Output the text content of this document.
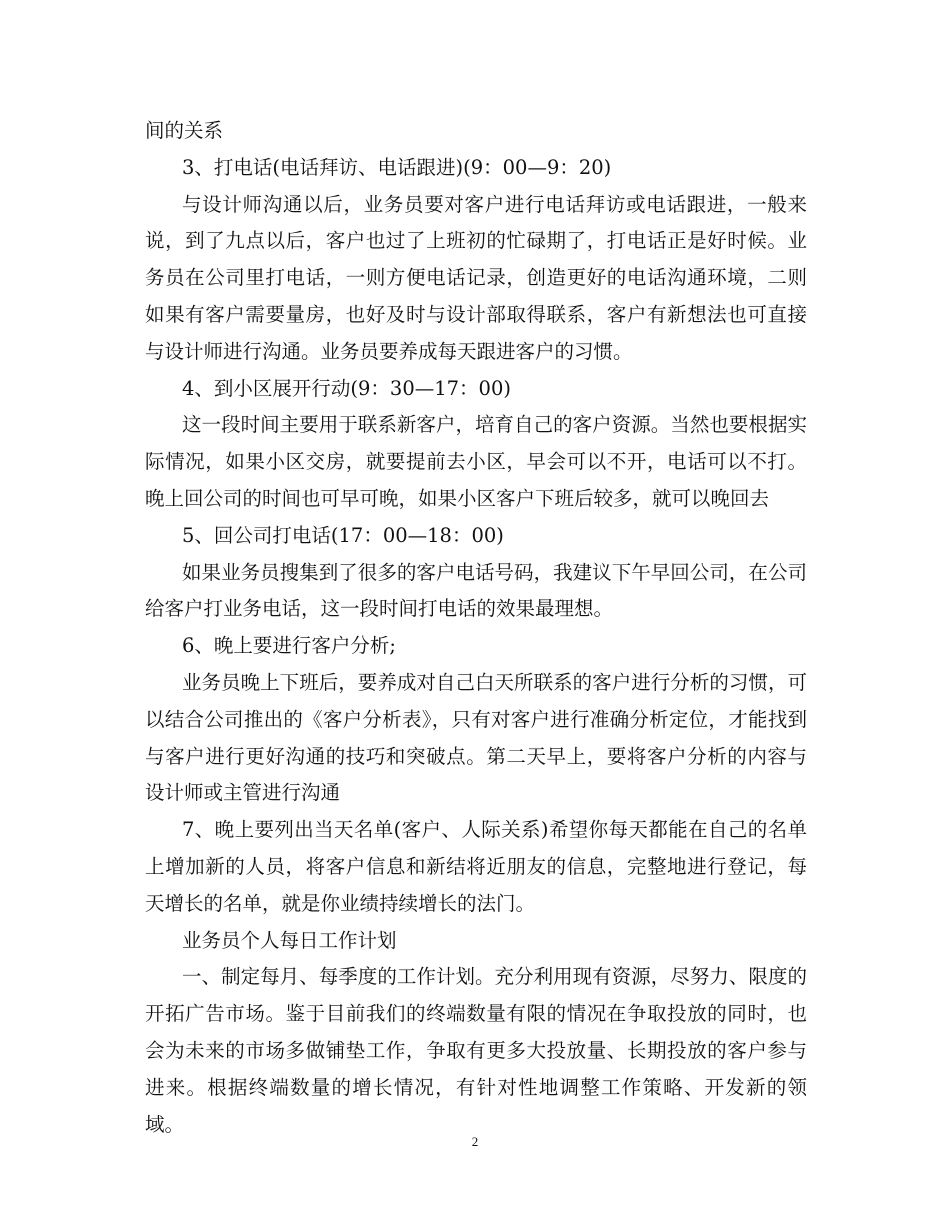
间的关系

3、打电话(电话拜访、电话跟进)(9：00—9：20)

与设计师沟通以后，业务员要对客户进行电话拜访或电话跟进，一般来说，到了九点以后，客户也过了上班初的忙碌期了，打电话正是好时候。业务员在公司里打电话，一则方便电话记录，创造更好的电话沟通环境，二则如果有客户需要量房，也好及时与设计部取得联系，客户有新想法也可直接与设计师进行沟通。业务员要养成每天跟进客户的习惯。

4、到小区展开行动(9：30—17：00)

这一段时间主要用于联系新客户，培育自己的客户资源。当然也要根据实际情况，如果小区交房，就要提前去小区，早会可以不开，电话可以不打。晚上回公司的时间也可早可晚，如果小区客户下班后较多，就可以晚回去

5、回公司打电话(17：00—18：00)

如果业务员搜集到了很多的客户电话号码，我建议下午早回公司，在公司给客户打业务电话，这一段时间打电话的效果最理想。

6、晚上要进行客户分析;

业务员晚上下班后，要养成对自己白天所联系的客户进行分析的习惯，可以结合公司推出的《客户分析表》，只有对客户进行准确分析定位，才能找到与客户进行更好沟通的技巧和突破点。第二天早上，要将客户分析的内容与设计师或主管进行沟通

7、晚上要列出当天名单(客户、人际关系)希望你每天都能在自己的名单上增加新的人员，将客户信息和新结将近朋友的信息，完整地进行登记，每天增长的名单，就是你业绩持续增长的法门。

业务员个人每日工作计划

一、制定每月、每季度的工作计划。充分利用现有资源，尽努力、限度的开拓广告市场。鉴于目前我们的终端数量有限的情况在争取投放的同时，也会为未来的市场多做铺垫工作，争取有更多大投放量、长期投放的客户参与进来。根据终端数量的增长情况，有针对性地调整工作策略、开发新的领域。

2
